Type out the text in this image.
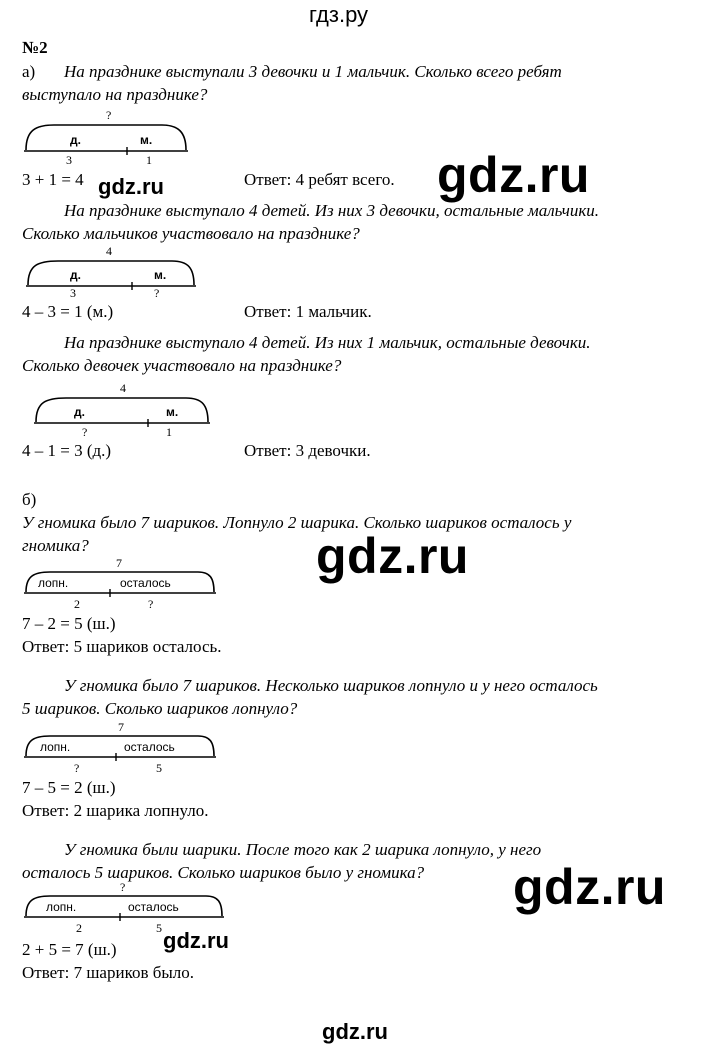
гдз.ру
№2
а) На празднике выступали 3 девочки и 1 мальчик. Сколько всего ребят
выступало на празднике?
?
д.	м.
3	1
3 + 1 = 4 gdz.ru	Ответ: 4 ребят всего. gdz.ru
На празднике выступало 4 детей. Из них 3 девочки, остальные мальчики.
Сколько мальчиков участвовало на празднике?
4
д.	м.
3	?
4 – 3 = 1 (м.)	Ответ: 1 мальчик.
На празднике выступало 4 детей. Из них 1 мальчик, остальные девочки.
Сколько девочек участвовало на празднике?
4
д.	м.
?	1
4 – 1 = 3 (д.)	Ответ: 3 девочки.
б)
У гномика было 7 шариков. Лопнуло 2 шарика. Сколько шариков осталось у
гномика?	gdz.ru
7
лопн.	осталось
2	?
7 – 2 = 5 (ш.)
Ответ: 5 шариков осталось.
У гномика было 7 шариков. Несколько шариков лопнуло и у него осталось
5 шариков. Сколько шариков лопнуло?
7
лопн.	осталось
?	5
7 – 5 = 2 (ш.)
Ответ: 2 шарика лопнуло.
У гномика были шарики. После того как 2 шарика лопнуло, у него
осталось 5 шариков. Сколько шариков было у гномика? gdz.ru
?
лопн.	осталось
2	5 gdz.ru
2 + 5 = 7 (ш.)
Ответ: 7 шариков было.
gdz.ru
